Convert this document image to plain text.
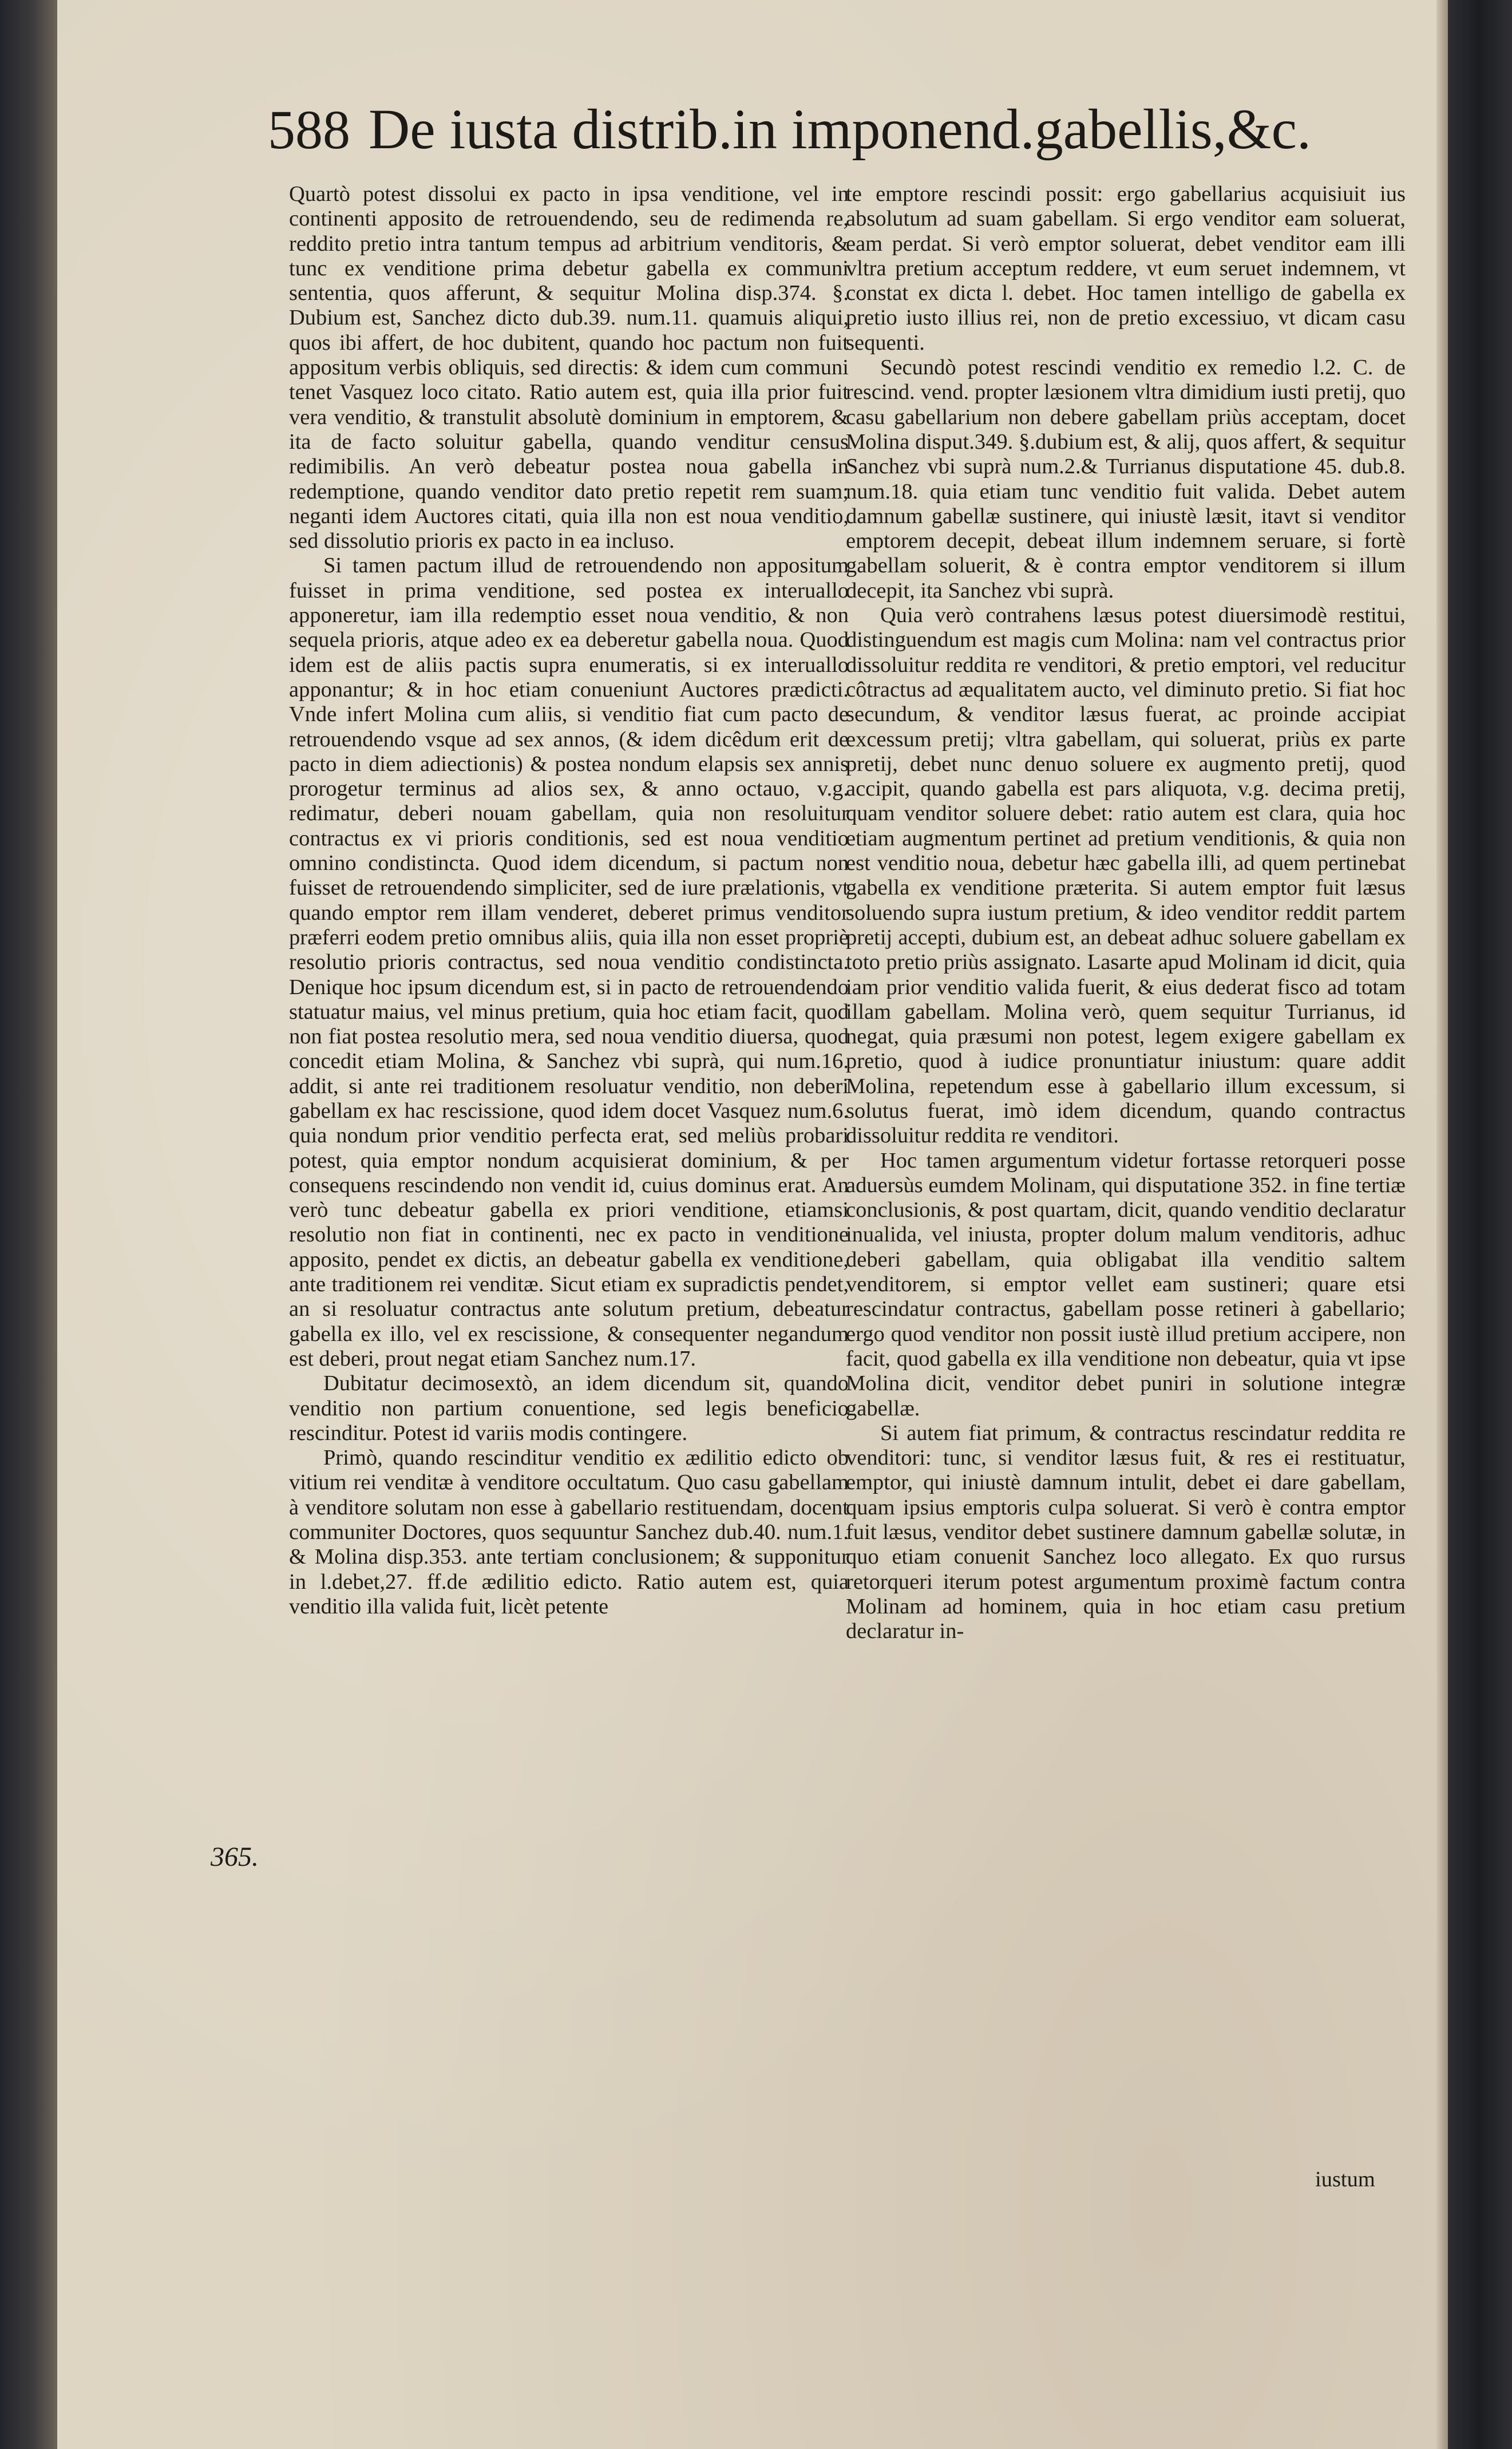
588 De iusta distrib.in imponend.gabellis,&c.

Quartò potest dissolui ex pacto in ipsa venditione, vel in continenti apposito de retrouendendo, seu de redimenda re, reddito pretio intra tantum tempus ad arbitrium venditoris, & tunc ex venditione prima debetur gabella ex communi sententia, quos afferunt, & sequitur Molina disp.374. §. Dubium est, Sanchez dicto dub.39. num.11. quamuis aliqui, quos ibi affert, de hoc dubitent, quando hoc pactum non fuit appositum verbis obliquis, sed directis: & idem cum communi tenet Vasquez loco citato. Ratio autem est, quia illa prior fuit vera venditio, & transtulit absolutè dominium in emptorem, & ita de facto soluitur gabella, quando venditur census redimibilis. An verò debeatur postea noua gabella in redemptione, quando venditor dato pretio repetit rem suam; neganti idem Auctores citati, quia illa non est noua venditio, sed dissolutio prioris ex pacto in ea incluso.

Si tamen pactum illud de retrouendendo non appositum fuisset in prima venditione, sed postea ex interuallo apponeretur, iam illa redemptio esset noua venditio, & non sequela prioris, atque adeo ex ea deberetur gabella noua. Quod idem est de aliis pactis supra enumeratis, si ex interuallo apponantur; & in hoc etiam conueniunt Auctores prædicti. Vnde infert Molina cum aliis, si venditio fiat cum pacto de retrouendendo vsque ad sex annos, (& idem dicêdum erit de pacto in diem adiectionis) & postea nondum elapsis sex annis prorogetur terminus ad alios sex, & anno octauo, v.g. redimatur, deberi nouam gabellam, quia non resoluitur contractus ex vi prioris conditionis, sed est noua venditio omnino condistincta. Quod idem dicendum, si pactum non fuisset de retrouendendo simpliciter, sed de iure prælationis, vt quando emptor rem illam venderet, deberet primus venditor præferri eodem pretio omnibus aliis, quia illa non esset propriè resolutio prioris contractus, sed noua venditio condistincta. Denique hoc ipsum dicendum est, si in pacto de retrouendendo statuatur maius, vel minus pretium, quia hoc etiam facit, quod non fiat postea resolutio mera, sed noua venditio diuersa, quod concedit etiam Molina, & Sanchez vbi suprà, qui num.16. addit, si ante rei traditionem resoluatur venditio, non deberi gabellam ex hac rescissione, quod idem docet Vasquez num.6. quia nondum prior venditio perfecta erat, sed meliùs probari potest, quia emptor nondum acquisierat dominium, & per consequens rescindendo non vendit id, cuius dominus erat. An verò tunc debeatur gabella ex priori venditione, etiamsi resolutio non fiat in continenti, nec ex pacto in venditione apposito, pendet ex dictis, an debeatur gabella ex venditione, ante traditionem rei venditæ. Sicut etiam ex supradictis pendet, an si resoluatur contractus ante solutum pretium, debeatur gabella ex illo, vel ex rescissione, & consequenter negandum est deberi, prout negat etiam Sanchez num.17.

Dubitatur decimosextò, an idem dicendum sit, quando venditio non partium conuentione, sed legis beneficio rescinditur. Potest id variis modis contingere.

Primò, quando rescinditur venditio ex ædilitio edicto ob vitium rei venditæ à venditore occultatum. Quo casu gabellam à venditore solutam non esse à gabellario restituendam, docent communiter Doctores, quos sequuntur Sanchez dub.40. num.1. & Molina disp.353. ante tertiam conclusionem; & supponitur in l.debet,27. ff.de ædilitio edicto. Ratio autem est, quia venditio illa valida fuit, licèt petente

365.

te emptore rescindi possit: ergo gabellarius acquisiuit ius absolutum ad suam gabellam. Si ergo venditor eam soluerat, eam perdat. Si verò emptor soluerat, debet venditor eam illi vltra pretium acceptum reddere, vt eum seruet indemnem, vt constat ex dicta l. debet. Hoc tamen intelligo de gabella ex pretio iusto illius rei, non de pretio excessiuo, vt dicam casu sequenti.

Secundò potest rescindi venditio ex remedio l.2. C. de rescind. vend. propter læsionem vltra dimidium iusti pretij, quo casu gabellarium non debere gabellam priùs acceptam, docet Molina disput.349. §.dubium est, & alij, quos affert, & sequitur Sanchez vbi suprà num.2.& Turrianus disputatione 45. dub.8. num.18. quia etiam tunc venditio fuit valida. Debet autem damnum gabellæ sustinere, qui iniustè læsit, itavt si venditor emptorem decepit, debeat illum indemnem seruare, si fortè gabellam soluerit, & è contra emptor venditorem si illum decepit, ita Sanchez vbi suprà.

Quia verò contrahens læsus potest diuersimodè restitui, distinguendum est magis cum Molina: nam vel contractus prior dissoluitur reddita re venditori, & pretio emptori, vel reducitur côtractus ad æqualitatem aucto, vel diminuto pretio. Si fiat hoc secundum, & venditor læsus fuerat, ac proinde accipiat excessum pretij; vltra gabellam, qui soluerat, priùs ex parte pretij, debet nunc denuo soluere ex augmento pretij, quod accipit, quando gabella est pars aliquota, v.g. decima pretij, quam venditor soluere debet: ratio autem est clara, quia hoc etiam augmentum pertinet ad pretium venditionis, & quia non est venditio noua, debetur hæc gabella illi, ad quem pertinebat gabella ex venditione præterita. Si autem emptor fuit læsus soluendo supra iustum pretium, & ideo venditor reddit partem pretij accepti, dubium est, an debeat adhuc soluere gabellam ex toto pretio priùs assignato. Lasarte apud Molinam id dicit, quia iam prior venditio valida fuerit, & eius dederat fisco ad totam illam gabellam. Molina verò, quem sequitur Turrianus, id negat, quia præsumi non potest, legem exigere gabellam ex pretio, quod à iudice pronuntiatur iniustum: quare addit Molina, repetendum esse à gabellario illum excessum, si solutus fuerat, imò idem dicendum, quando contractus dissoluitur reddita re venditori.

Hoc tamen argumentum videtur fortasse retorqueri posse aduersùs eumdem Molinam, qui disputatione 352. in fine tertiæ conclusionis, & post quartam, dicit, quando venditio declaratur inualida, vel iniusta, propter dolum malum venditoris, adhuc deberi gabellam, quia obligabat illa venditio saltem venditorem, si emptor vellet eam sustineri; quare etsi rescindatur contractus, gabellam posse retineri à gabellario; ergo quod venditor non possit iustè illud pretium accipere, non facit, quod gabella ex illa venditione non debeatur, quia vt ipse Molina dicit, venditor debet puniri in solutione integræ gabellæ.

Si autem fiat primum, & contractus rescindatur reddita re venditori: tunc, si venditor læsus fuit, & res ei restituatur, emptor, qui iniustè damnum intulit, debet ei dare gabellam, quam ipsius emptoris culpa soluerat. Si verò è contra emptor fuit læsus, venditor debet sustinere damnum gabellæ solutæ, in quo etiam conuenit Sanchez loco allegato. Ex quo rursus retorqueri iterum potest argumentum proximè factum contra Molinam ad hominem, quia in hoc etiam casu pretium declaratur in-

iustum
